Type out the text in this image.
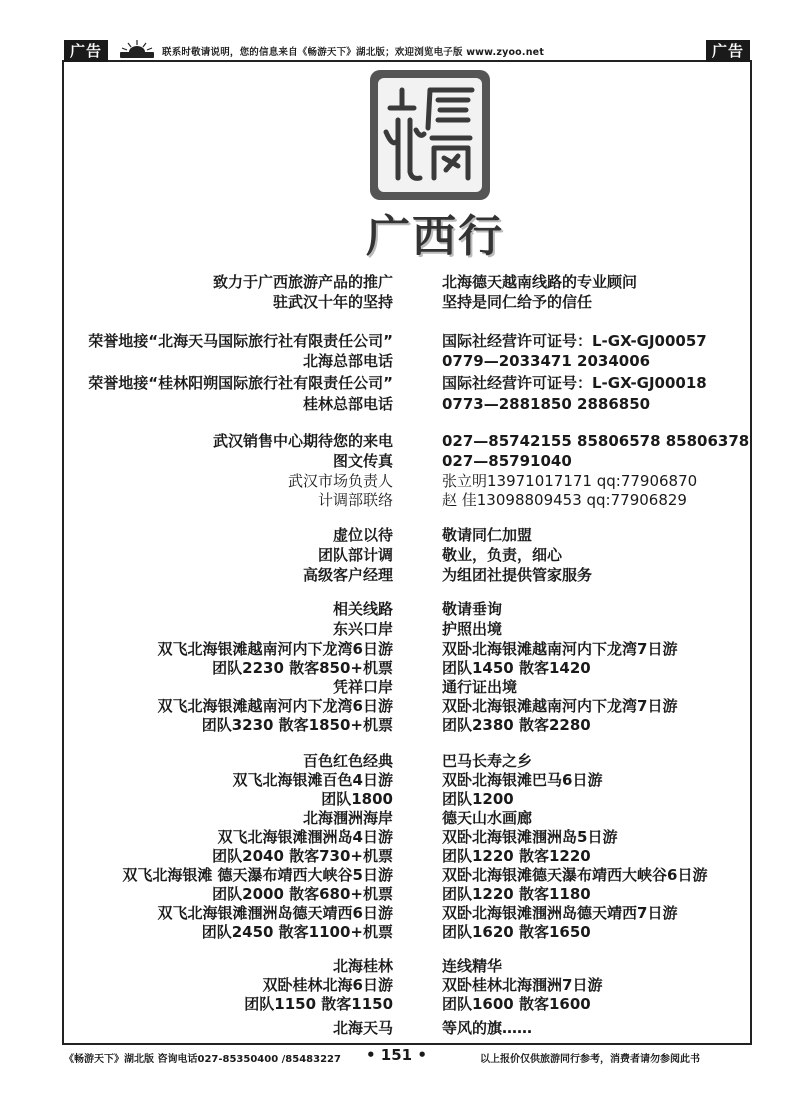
广告	联系时敬请说明，您的信息来自《畅游天下》湖北版；欢迎浏览电子版 www.zyoo.net	广告
广西行
致力于广西旅游产品的推广	北海德天越南线路的专业顾问
驻武汉十年的坚持	坚持是同仁给予的信任
荣誉地接“北海天马国际旅行社有限责任公司”	国际社经营许可证号：L-GX-GJ00057
北海总部电话	0779—2033471 2034006
荣誉地接“桂林阳朔国际旅行社有限责任公司”	国际社经营许可证号：L-GX-GJ00018
桂林总部电话	0773—2881850 2886850
武汉销售中心期待您的来电	027—85742155 85806578 85806378
图文传真	027—85791040
武汉市场负责人	张立明13971017171 qq:77906870
计调部联络	赵 佳13098809453 qq:77906829
虚位以待	敬请同仁加盟
团队部计调	敬业，负责，细心
高级客户经理	为组团社提供管家服务
相关线路	敬请垂询
东兴口岸	护照出境
双飞北海银滩越南河内下龙湾6日游	双卧北海银滩越南河内下龙湾7日游
团队2230 散客850+机票	团队1450 散客1420
凭祥口岸	通行证出境
双飞北海银滩越南河内下龙湾6日游	双卧北海银滩越南河内下龙湾7日游
团队3230 散客1850+机票	团队2380 散客2280
百色红色经典	巴马长寿之乡
双飞北海银滩百色4日游	双卧北海银滩巴马6日游
团队1800	团队1200
北海涠洲海岸	德天山水画廊
双飞北海银滩涠洲岛4日游	双卧北海银滩涠洲岛5日游
团队2040 散客730+机票	团队1220 散客1220
双飞北海银滩 德天瀑布靖西大峡谷5日游	双卧北海银滩德天瀑布靖西大峡谷6日游
团队2000 散客680+机票	团队1220 散客1180
双飞北海银滩涠洲岛德天靖西6日游	双卧北海银滩涠洲岛德天靖西7日游
团队2450 散客1100+机票	团队1620 散客1650
北海桂林	连线精华
双卧桂林北海6日游	双卧桂林北海涠洲7日游
团队1150 散客1150	团队1600 散客1600
北海天马	等风的旗……
《畅游天下》湖北版 咨询电话027-85350400 /85483227 • 151 •	以上报价仅供旅游同行参考，消费者请勿参阅此书
